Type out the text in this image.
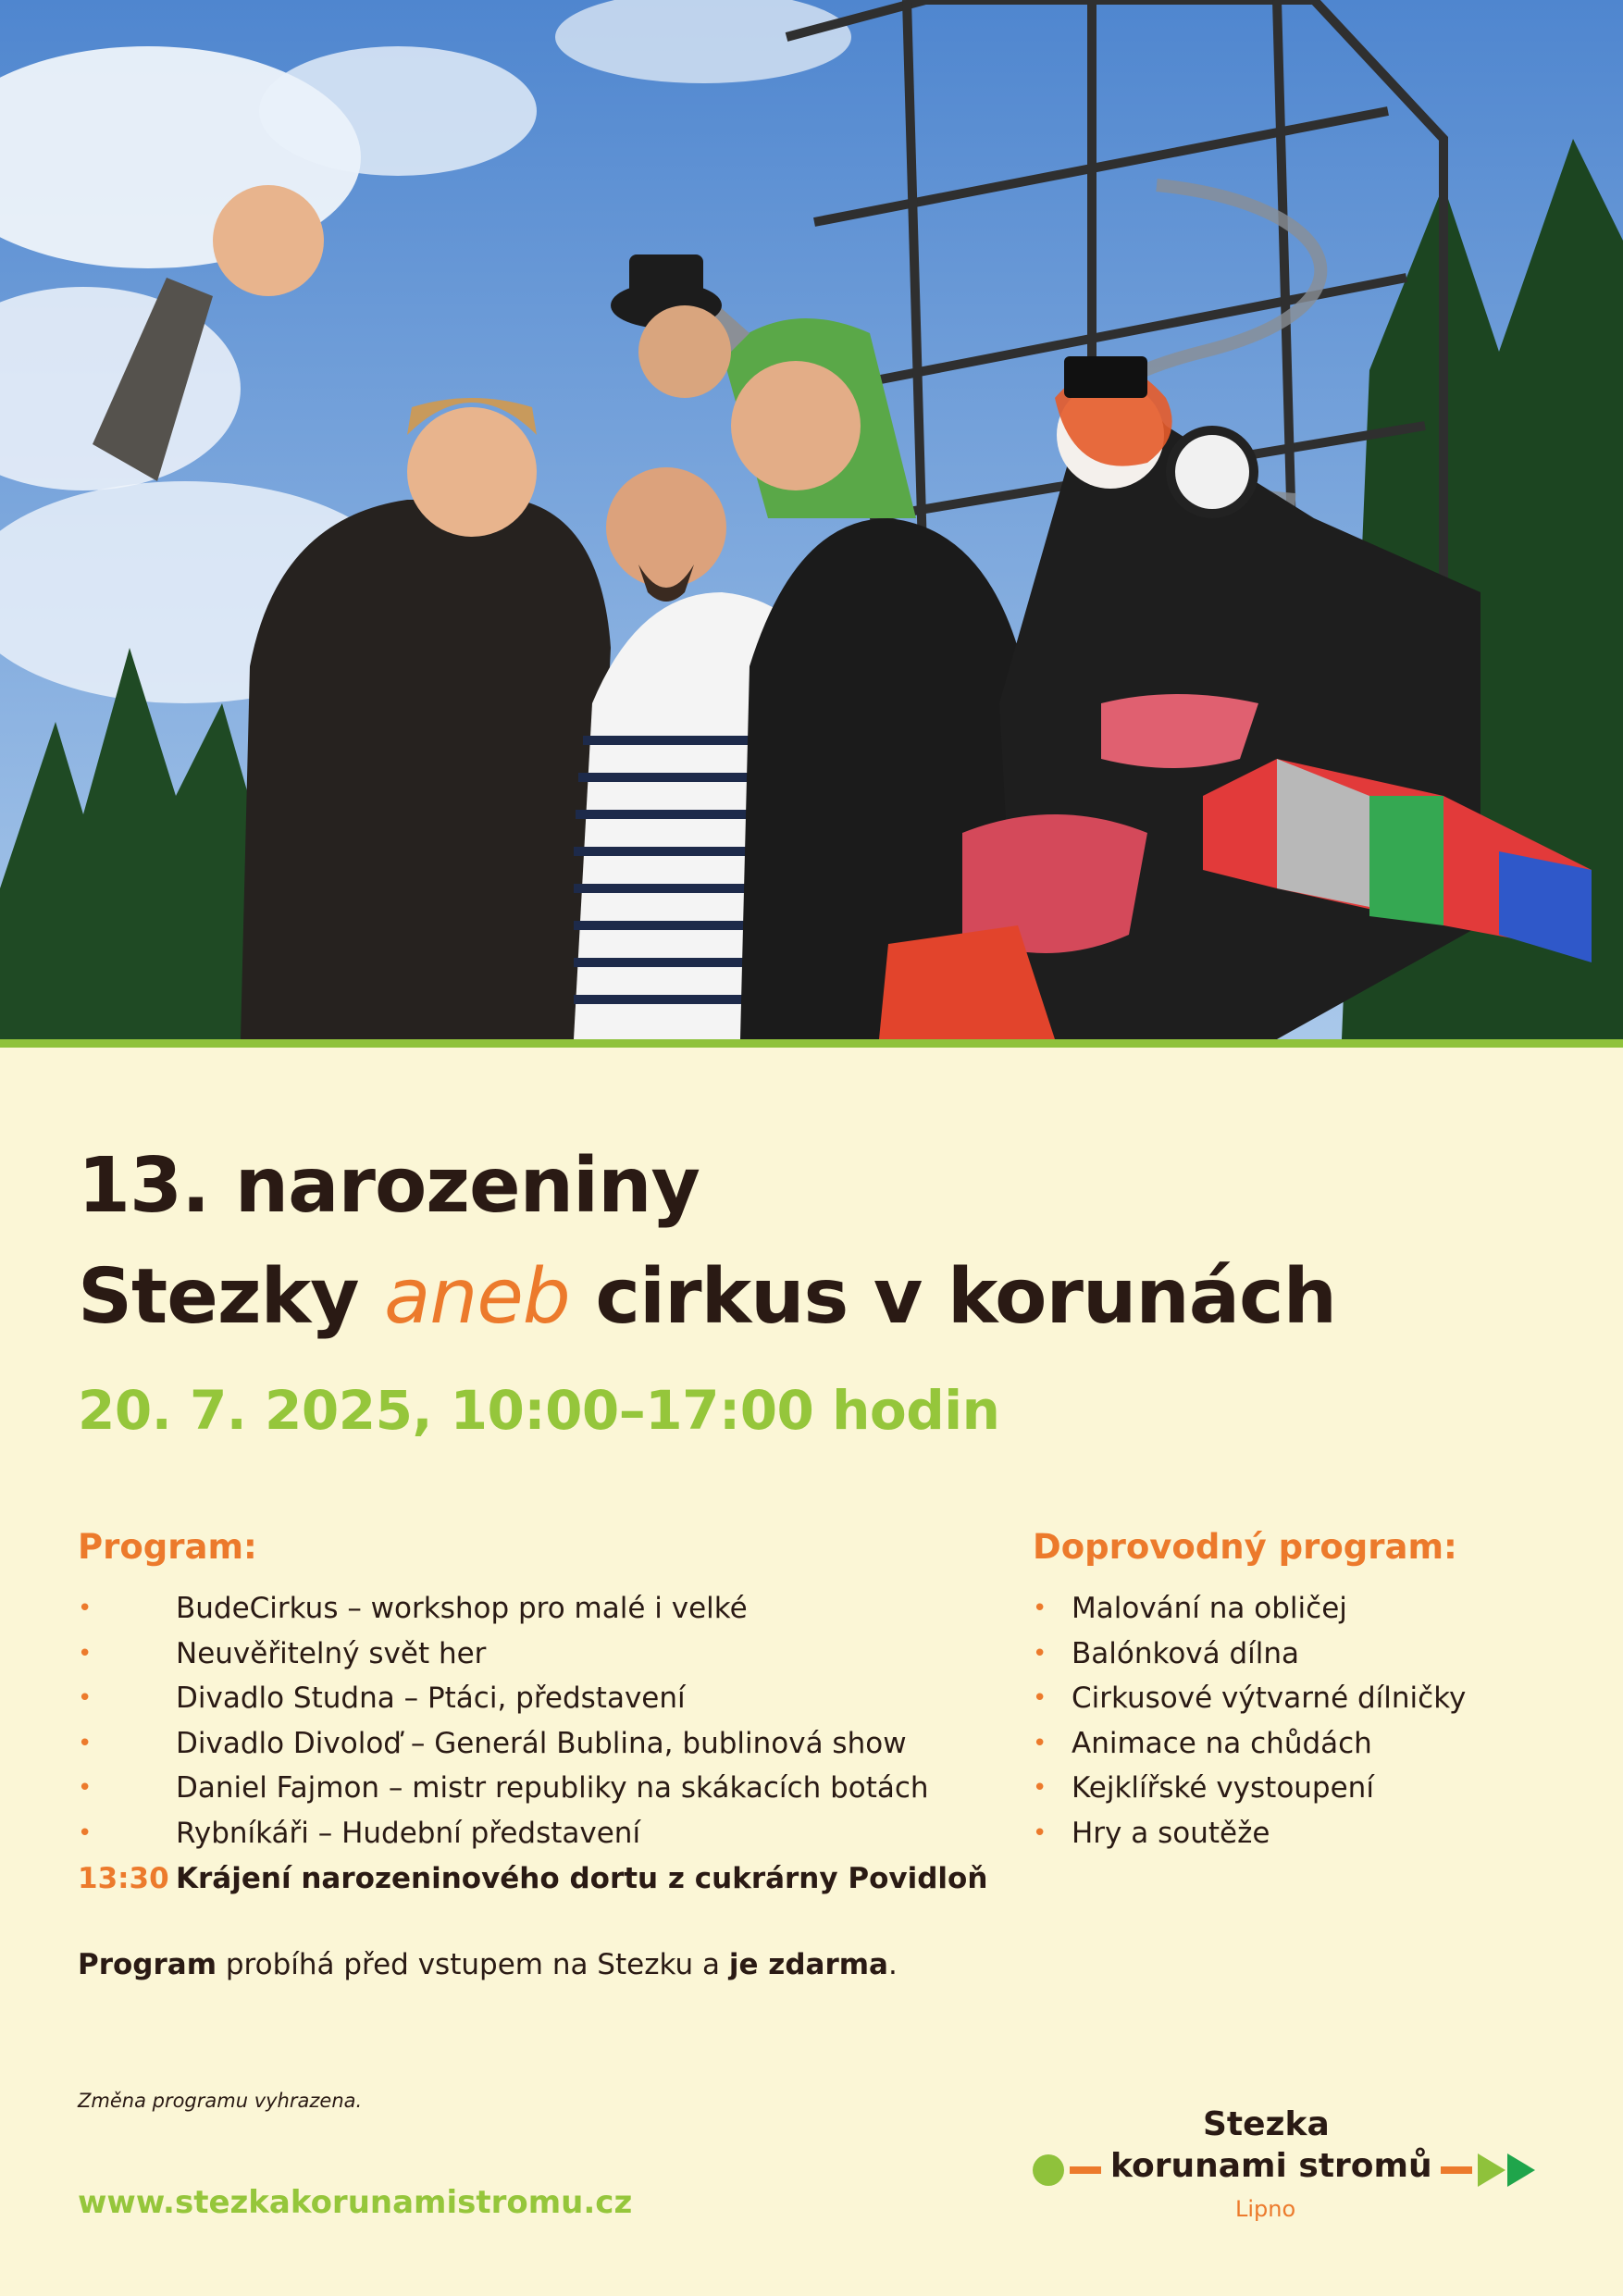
13. narozeniny
Stezky aneb cirkus v korunách
20. 7. 2025, 10:00–17:00 hodin
Program:
•	BudeCirkus – workshop pro malé i velké
•	Neuvěřitelný svět her
•	Divadlo Studna – Ptáci, představení
•	Divadlo Divoloď – Generál Bublina, bublinová show
•	Daniel Fajmon – mistr republiky na skákacích botách
•	Rybníkáři – Hudební představení
13:30 Krájení narozeninového dortu z cukrárny Povidloň
Doprovodný program:
• Malování na obličej
• Balónková dílna
• Cirkusové výtvarné dílničky
• Animace na chůdách
• Kejklířské vystoupení
• Hry a soutěže
Program probíhá před vstupem na Stezku a je zdarma.
Změna programu vyhrazena.
www.stezkakorunamistromu.cz
Stezka
korunami stromů
Lipno
